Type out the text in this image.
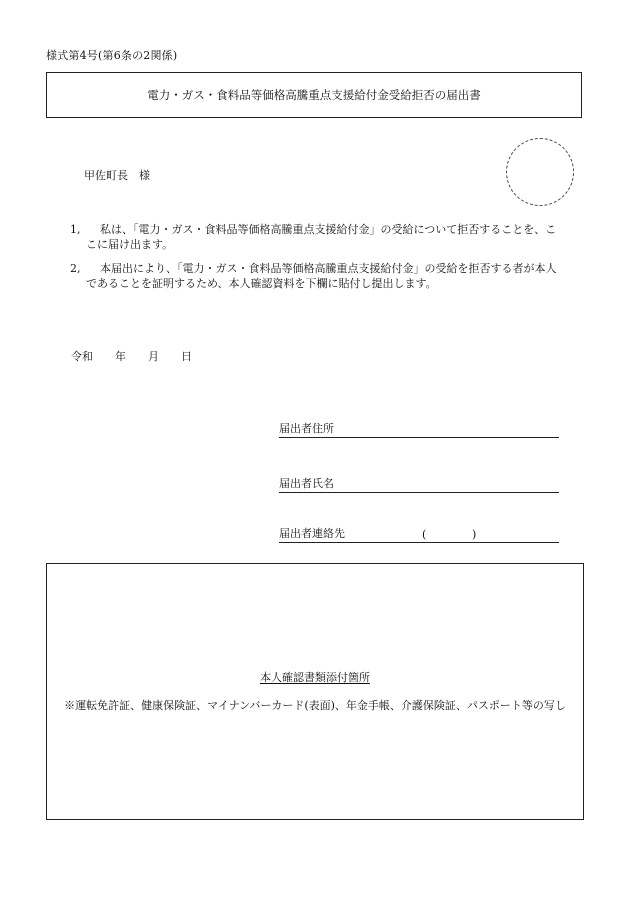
様式第4号(第6条の2関係)
電力・ガス・食料品等価格高騰重点支援給付金受給拒否の届出書
甲佐町長　様
1,	私は、「電力・ガス・食料品等価格高騰重点支援給付金」の受給について拒否することを、ここに届け出ます。
2,	本届出により、「電力・ガス・食料品等価格高騰重点支援給付金」の受給を拒否する者が本人であることを証明するため、本人確認資料を下欄に貼付し提出します。
令和　　年　　月　　日
届出者住所
届出者氏名
届出者連絡先	(	)
本人確認書類添付箇所
※運転免許証、健康保険証、マイナンバーカード(表面)、年金手帳、介護保険証、パスポート等の写し
